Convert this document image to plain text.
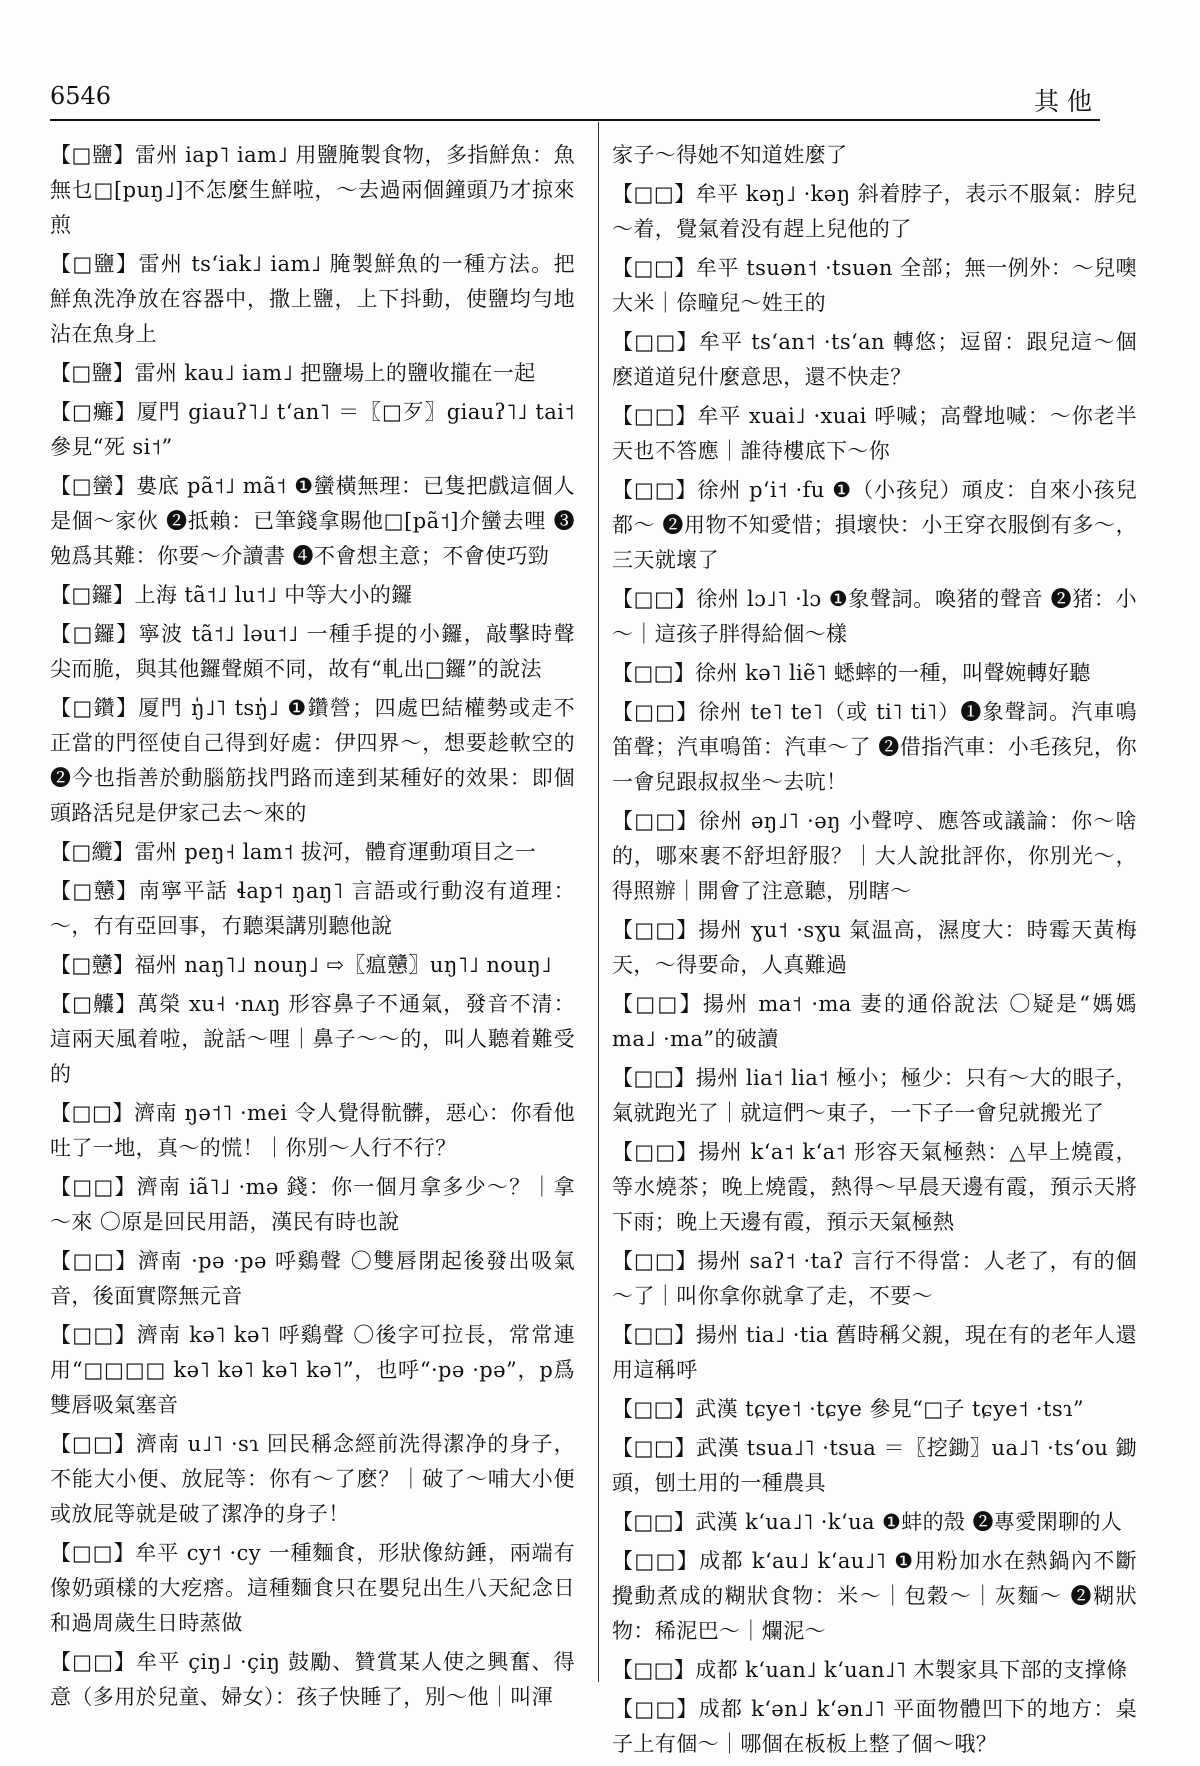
6546	其他

【□鹽】雷州 iap˥ iam˩ 用鹽腌製食物，多指鮮魚：魚無乜□[puŋ˩]不怎麼生鮮啦，～去過兩個鐘頭乃才掠來煎

【□鹽】雷州 tsʻiak˩ iam˩ 腌製鮮魚的一種方法。把鮮魚洗净放在容器中，撒上鹽，上下抖動，使鹽均勻地沾在魚身上

【□鹽】雷州 kau˩ iam˩ 把鹽場上的鹽收攏在一起

【□癱】厦門 giauʔ˥˩ tʻan˥ ＝〖□歹〗giauʔ˥˩ tai˦ 參見“死 si˦”

【□蠻】婁底 pã˦˩ mã˦ ❶蠻橫無理：已隻把戲這個人是個～家伙 ❷抵賴：已筆錢拿賜他□[pã˦]介蠻去哩 ❸勉爲其難：你要～介讀書 ❹不會想主意；不會使巧勁

【□鑼】上海 tã˦˩ lu˦˩ 中等大小的鑼

【□鑼】寧波 tã˦˩ ləu˦˩ 一種手提的小鑼，敲擊時聲尖而脆，與其他鑼聲頗不同，故有“軋出□鑼”的說法

【□鑽】厦門 ŋ̍˩˥ tsŋ̍˩ ❶鑽營；四處巴結權勢或走不正當的門徑使自己得到好處：伊四界～，想要趁軟空的 ❷今也指善於動腦筋找門路而達到某種好的效果：即個頭路活兒是伊家己去～來的

【□纜】雷州 peŋ˧ lam˦ 拔河，體育運動項目之一

【□戇】南寧平話 ɬap˦ ŋaŋ˥ 言語或行動沒有道理：～，冇有亞回事，冇聽渠講別聽他說

【□戇】福州 naŋ˥˩ nouŋ˩ ⇨〖瘟戇〗uŋ˥˩ nouŋ˩

【□齉】萬榮 xu˧ ·nʌŋ 形容鼻子不通氣，發音不清：這兩天風着啦，說話～哩｜鼻子～～的，叫人聽着難受的

【□□】濟南 ŋə˦˥ ·mei 令人覺得骯髒，惡心：你看他吐了一地，真～的慌！｜你別～人行不行？

【□□】濟南 iã˥˩ ·mə 錢：你一個月拿多少～？｜拿～來 〇原是回民用語，漢民有時也說

【□□】濟南 ·pə ·pə 呼鷄聲 〇雙唇閉起後發出吸氣音，後面實際無元音

【□□】濟南 kə˥ kə˥ 呼鷄聲 〇後字可拉長，常常連用“□□□□ kə˥ kə˥ kə˥ kə˥”，也呼“·pə ·pə”，p爲雙唇吸氣塞音

【□□】濟南 u˩˥ ·sɿ 回民稱念經前洗得潔净的身子，不能大小便、放屁等：你有～了麽？｜破了～哺大小便或放屁等就是破了潔净的身子！

【□□】牟平 cy˦ ·cy 一種麵食，形狀像紡錘，兩端有像奶頭樣的大疙瘩。這種麵食只在嬰兒出生八天紀念日和過周歲生日時蒸做

【□□】牟平 çiŋ˩ ·çiŋ 鼓勵、贊賞某人使之興奮、得意（多用於兒童、婦女）：孩子快睡了，別～他｜叫渾

家子～得她不知道姓麼了

【□□】牟平 kəŋ˩ ·kəŋ 斜着脖子，表示不服氣：脖兒～着，覺氣着没有趕上兒他的了

【□□】牟平 tsuən˦ ·tsuən 全部；無一例外：～兒噢大米｜倷疃兒～姓王的

【□□】牟平 tsʻan˦ ·tsʻan 轉悠；逗留：跟兒這～個麽道道兒什麼意思，還不快走？

【□□】牟平 xuai˩ ·xuai 呼喊；高聲地喊：～你老半天也不答應｜誰待樓底下～你

【□□】徐州 pʻi˦ ·fu ❶（小孩兒）頑皮：自來小孩兒都～ ❷用物不知愛惜；損壞快：小王穿衣服倒有多～，三天就壞了

【□□】徐州 lɔ˩˥ ·lɔ ❶象聲詞。喚猪的聲音 ❷猪：小～｜這孩子胖得給個～樣

【□□】徐州 kə˥ liẽ˥ 蟋蟀的一種，叫聲婉轉好聽

【□□】徐州 te˥ te˥（或 ti˥ ti˥）❶象聲詞。汽車鳴笛聲；汽車鳴笛：汽車～了 ❷借指汽車：小毛孩兒，你一會兒跟叔叔坐～去吭！

【□□】徐州 əŋ˩˥ ·əŋ 小聲哼、應答或議論：你～啥的，哪來裹不舒坦舒服？｜大人說批評你，你別光～，得照辦｜開會了注意聽，別瞎～

【□□】揚州 ɣu˦ ·sɣu 氣温高，濕度大：時霉天黃梅天，～得要命，人真難過

【□□】揚州 ma˦ ·ma 妻的通俗說法 〇疑是“媽媽 ma˩ ·ma”的破讀

【□□】揚州 lia˦ lia˦ 極小；極少：只有～大的眼子，氣就跑光了｜就這們～東子，一下子一會兒就搬光了

【□□】揚州 kʻa˦ kʻa˦ 形容天氣極熱：△早上燒霞，等水燒茶；晚上燒霞，熱得～早晨天邊有霞，預示天將下雨；晚上天邊有霞，預示天氣極熱

【□□】揚州 saʔ˦ ·taʔ 言行不得當：人老了，有的個～了｜叫你拿你就拿了走，不要～

【□□】揚州 tia˩ ·tia 舊時稱父親，現在有的老年人還用這稱呼

【□□】武漢 tɕye˦ ·tɕye 參見“□子 tɕye˦ ·tsɿ”

【□□】武漢 tsua˩˥ ·tsua ＝〖挖鋤〗ua˩˥ ·tsʻou 鋤頭，刨土用的一種農具

【□□】武漢 kʻua˩˥ ·kʻua ❶蚌的殼 ❷專愛閑聊的人

【□□】成都 kʻau˩ kʻau˩˥ ❶用粉加水在熱鍋內不斷攪動煮成的糊狀食物：米～｜包穀～｜灰麵～ ❷糊狀物：稀泥巴～｜爛泥～

【□□】成都 kʻuan˩ kʻuan˩˥ 木製家具下部的支撑條

【□□】成都 kʻən˩ kʻən˩˥ 平面物體凹下的地方：桌子上有個～｜哪個在板板上整了個～哦？
